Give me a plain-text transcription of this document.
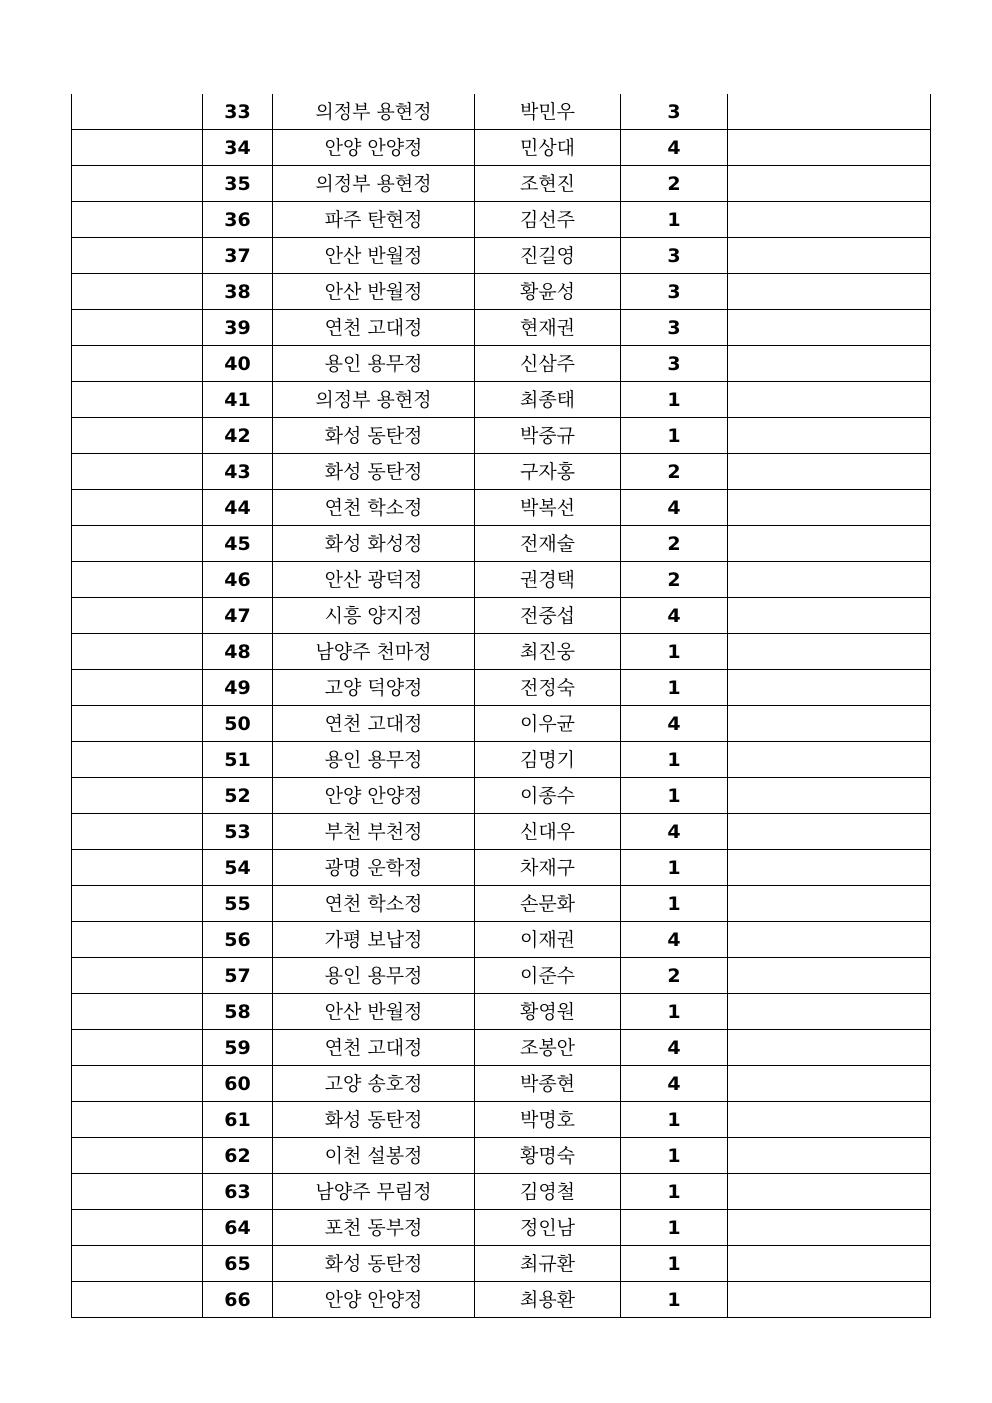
	33	의정부 용현정	박민우	3	
	34	안양 안양정	민상대	4	
	35	의정부 용현정	조현진	2	
	36	파주 탄현정	김선주	1	
	37	안산 반월정	진길영	3	
	38	안산 반월정	황윤성	3	
	39	연천 고대정	현재권	3	
	40	용인 용무정	신삼주	3	
	41	의정부 용현정	최종태	1	
	42	화성 동탄정	박중규	1	
	43	화성 동탄정	구자홍	2	
	44	연천 학소정	박복선	4	
	45	화성 화성정	전재술	2	
	46	안산 광덕정	권경택	2	
	47	시흥 양지정	전중섭	4	
	48	남양주 천마정	최진웅	1	
	49	고양 덕양정	전정숙	1	
	50	연천 고대정	이우균	4	
	51	용인 용무정	김명기	1	
	52	안양 안양정	이종수	1	
	53	부천 부천정	신대우	4	
	54	광명 운학정	차재구	1	
	55	연천 학소정	손문화	1	
	56	가평 보납정	이재권	4	
	57	용인 용무정	이준수	2	
	58	안산 반월정	황영원	1	
	59	연천 고대정	조봉안	4	
	60	고양 송호정	박종현	4	
	61	화성 동탄정	박명호	1	
	62	이천 설봉정	황명숙	1	
	63	남양주 무림정	김영철	1	
	64	포천 동부정	정인남	1	
	65	화성 동탄정	최규환	1	
	66	안양 안양정	최용환	1	
